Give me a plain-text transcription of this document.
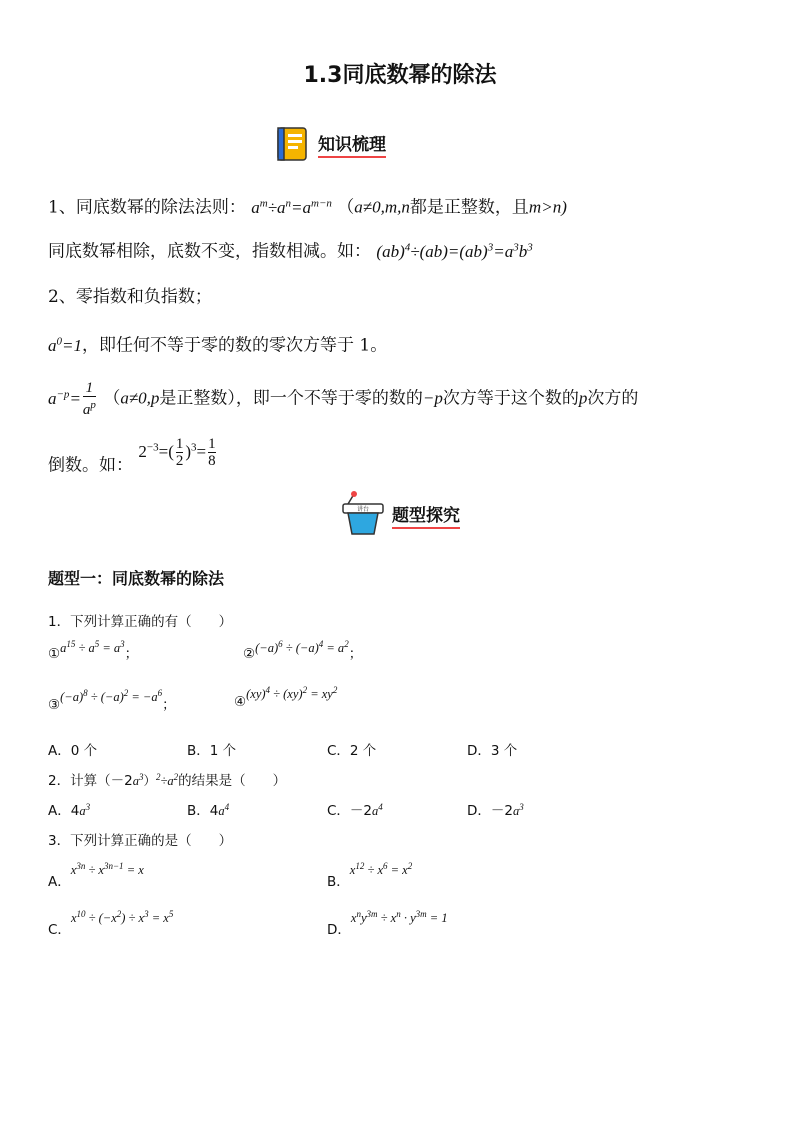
1.3同底数幂的除法
知识梳理
1、同底数幂的除法法则： $a^m\div a^n=a^{m-n}$ （a≠0,m,n都是正整数，且m>n)
同底数幂相除，底数不变，指数相减。如： $(ab)^4\div(ab)=(ab)^3=a^3b^3$
2、零指数和负指数；
$a^0=1$，即任何不等于零的数的零次方等于 1。
$a^{-p}= \frac{1}{a^p} (a\ne 0,p$是正整数），即一个不等于零的数的−p次方等于这个数的p次方的
倒数。如： $2^{-3}=( \frac{1}{2} )^3= \frac{1}{8}$
讲台 题型探究
题型一：同底数幂的除法
1．下列计算正确的有（　　）
$①a^{15} \div a^5 = a^3$；	$②(-a)^6 \div (-a)^4 = a^2$；
$③(-a)^8 \div (-a)^2 = -a^6$；	④(xy)$^4$ ÷ $(xy)^2 = xy^2$
A．0 个	B．1 个	C．2 个	D．3 个
2．计算$(-2a^3)^2\div a^2$的结果是（　　）
A．$4a^3$	B．$4a^4$	C．$-2a^4$	D．$-2a^3$
3．下列计算正确的是（　　）
A．$x^{3n} \div x^{3n-1} = x$
B．$x^{12} \div x^6 = x^2$
C．$x^{10} \div (-x^2) \div x^3 = x^5$
D．$x^ny^{3m} \div x^n \cdot y^{3m} = 1$
